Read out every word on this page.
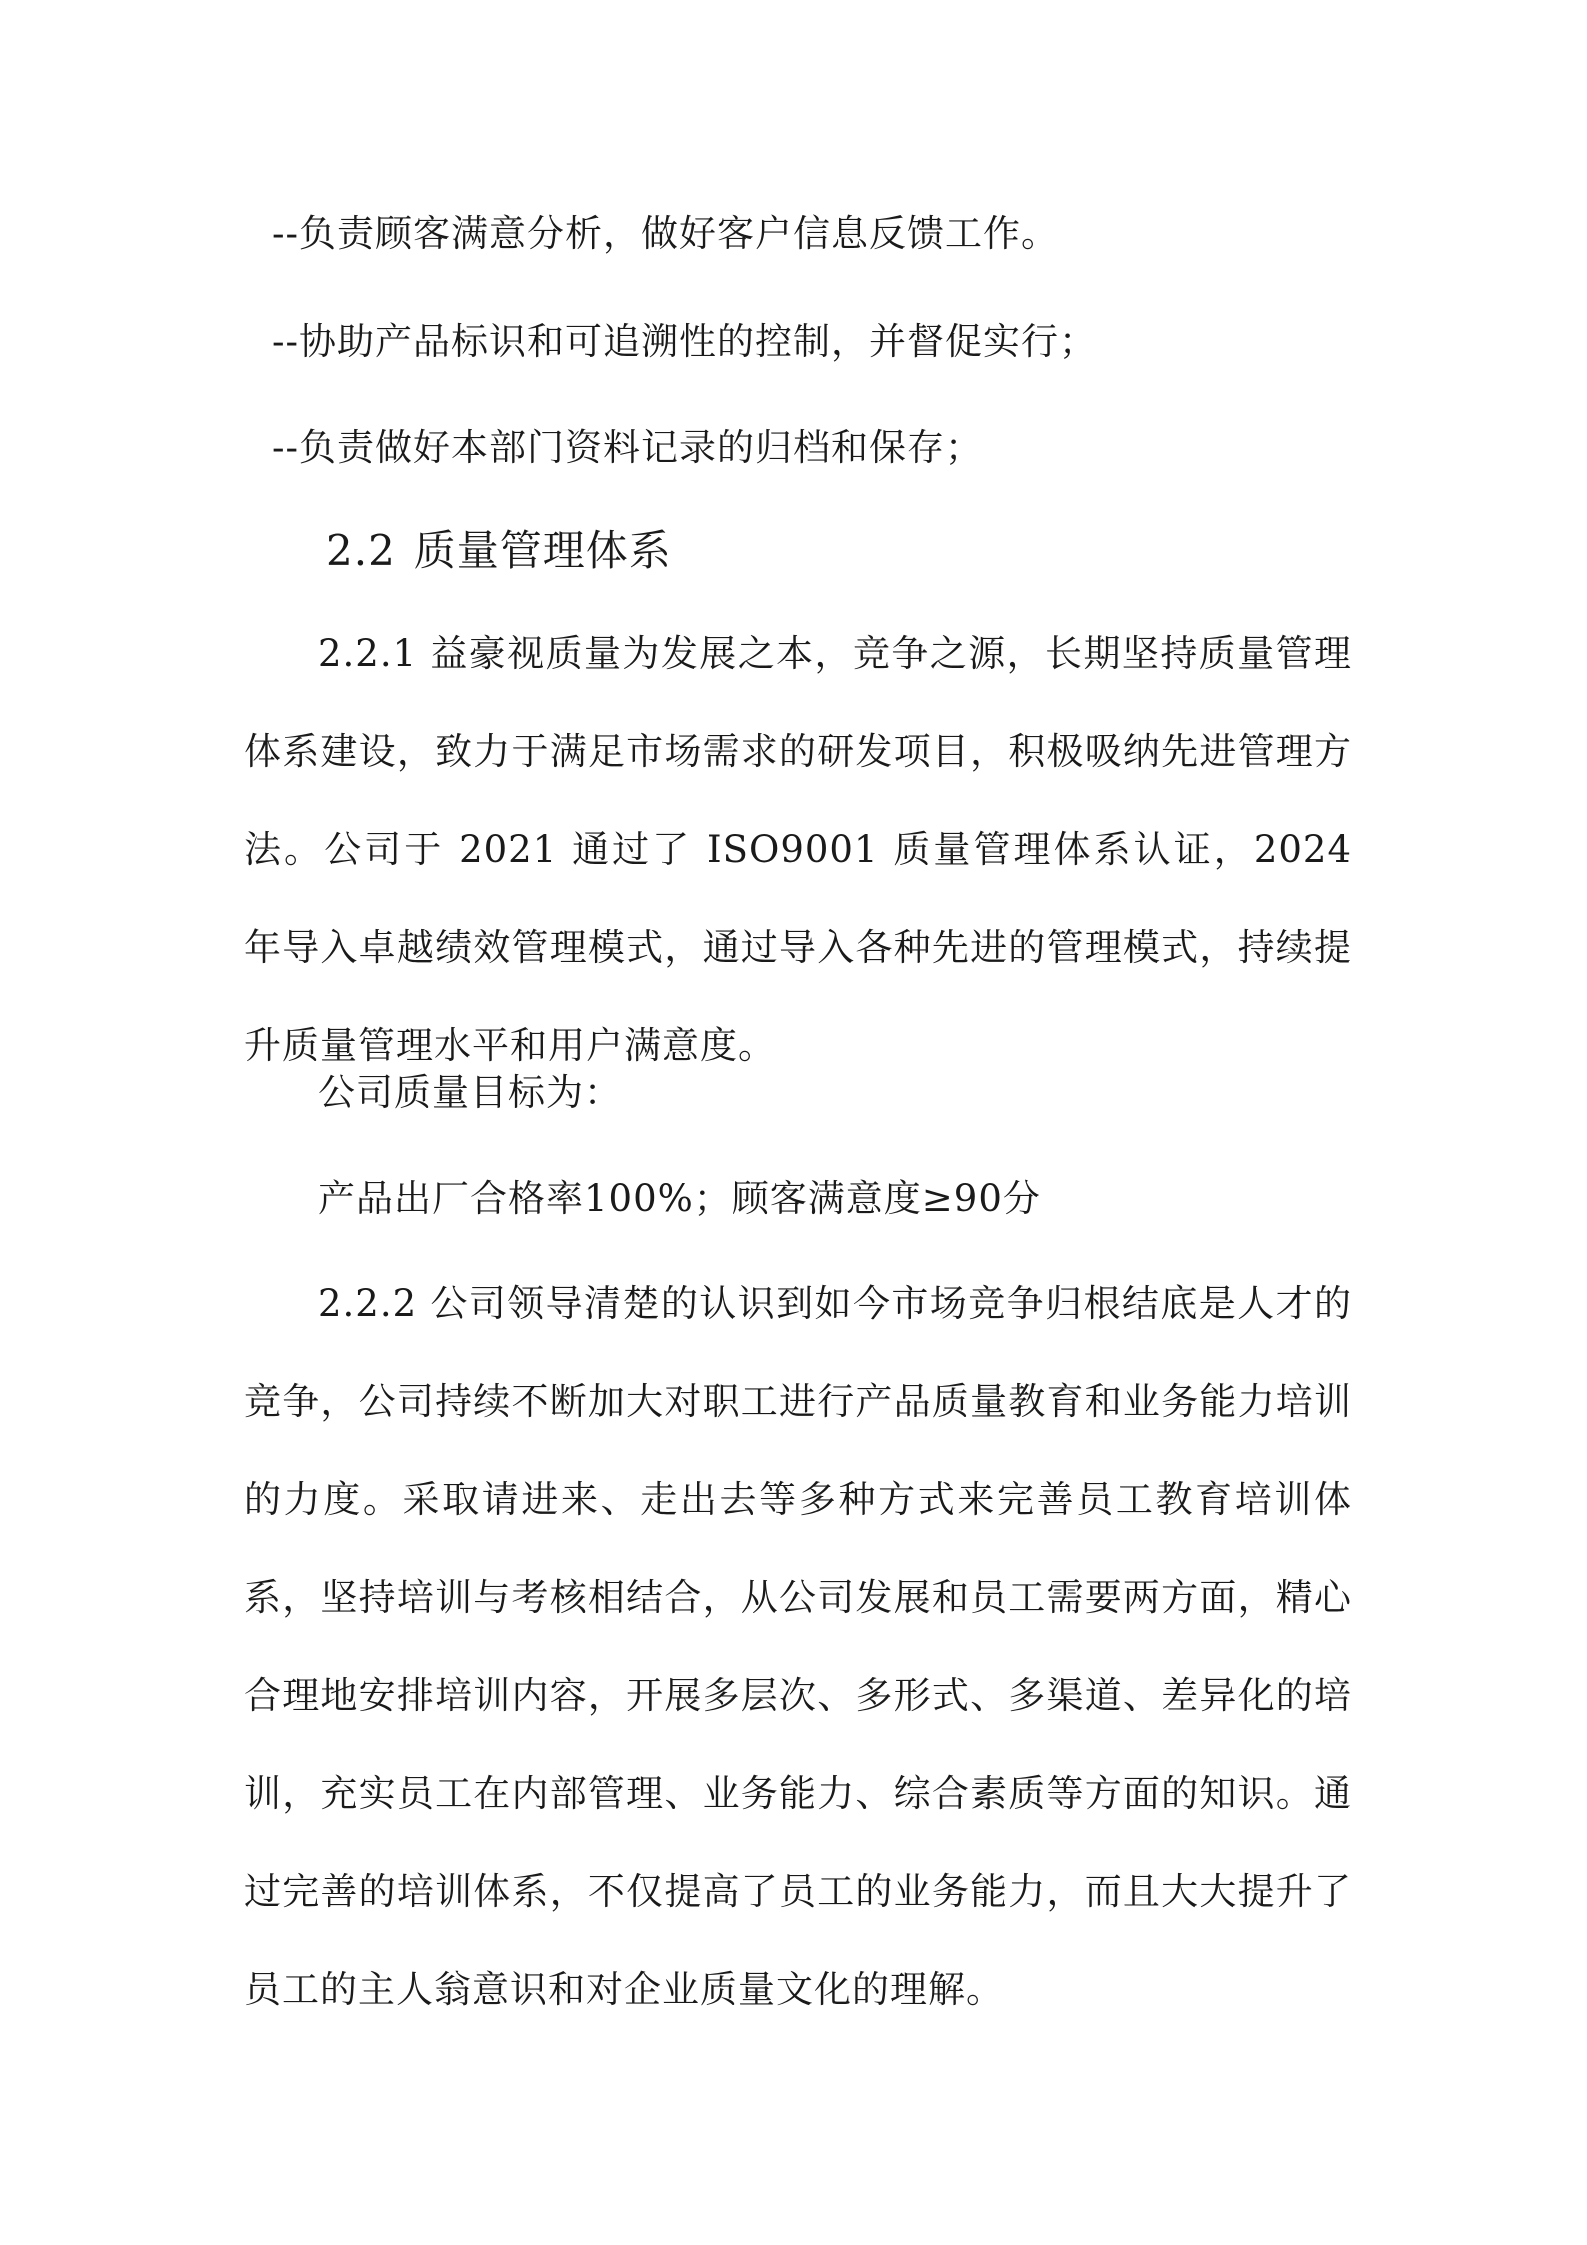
--负责顾客满意分析，做好客户信息反馈工作。
--协助产品标识和可追溯性的控制，并督促实行；
--负责做好本部门资料记录的归档和保存；
2.2 质量管理体系

2.2.1 益豪视质量为发展之本，竞争之源，长期坚持质量管理体系建设，致力于满足市场需求的研发项目，积极吸纳先进管理方法。公司于 2021 通过了 ISO9001 质量管理体系认证，2024 年导入卓越绩效管理模式，通过导入各种先进的管理模式，持续提升质量管理水平和用户满意度。

公司质量目标为：
产品出厂合格率100%；顾客满意度≥90分

2.2.2 公司领导清楚的认识到如今市场竞争归根结底是人才的竞争，公司持续不断加大对职工进行产品质量教育和业务能力培训的力度。采取请进来、走出去等多种方式来完善员工教育培训体系，坚持培训与考核相结合，从公司发展和员工需要两方面，精心合理地安排培训内容，开展多层次、多形式、多渠道、差异化的培训，充实员工在内部管理、业务能力、综合素质等方面的知识。通过完善的培训体系，不仅提高了员工的业务能力，而且大大提升了员工的主人翁意识和对企业质量文化的理解。
